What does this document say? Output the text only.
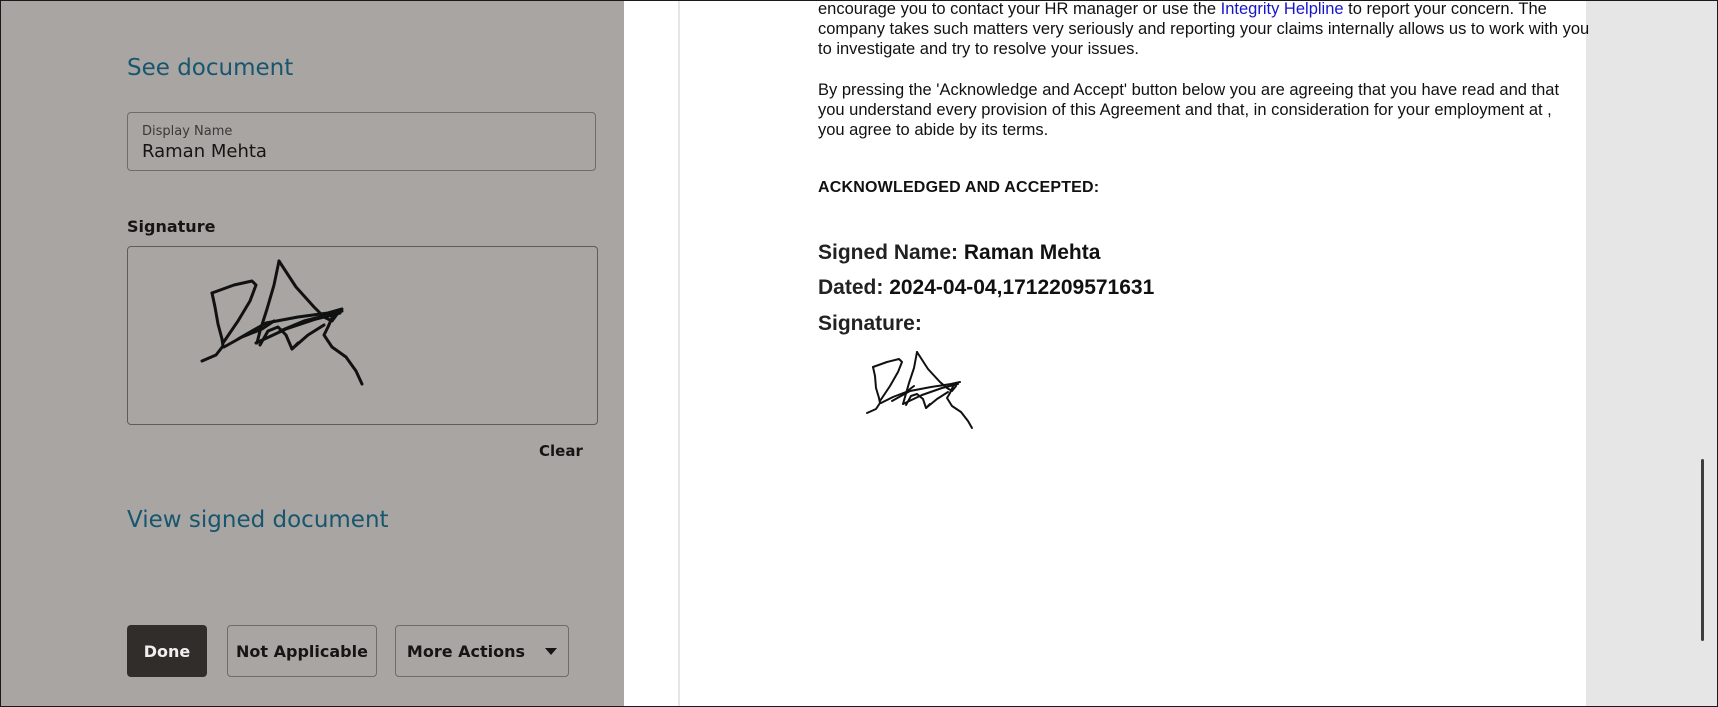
See document
Display Name
Raman Mehta
Signature
Clear
View signed document
Done	Not Applicable More Actions

encourage you to contact your HR manager or use the Integrity Helpline to report your concern. The company takes such matters very seriously and reporting your claims internally allows us to work with you to investigate and try to resolve your issues.

By pressing the 'Acknowledge and Accept' button below you are agreeing that you have read and that you understand every provision of this Agreement and that, in consideration for your employment at , you agree to abide by its terms.

ACKNOWLEDGED AND ACCEPTED:
Signed Name: Raman Mehta
Dated: 2024-04-04,1712209571631
Signature:
